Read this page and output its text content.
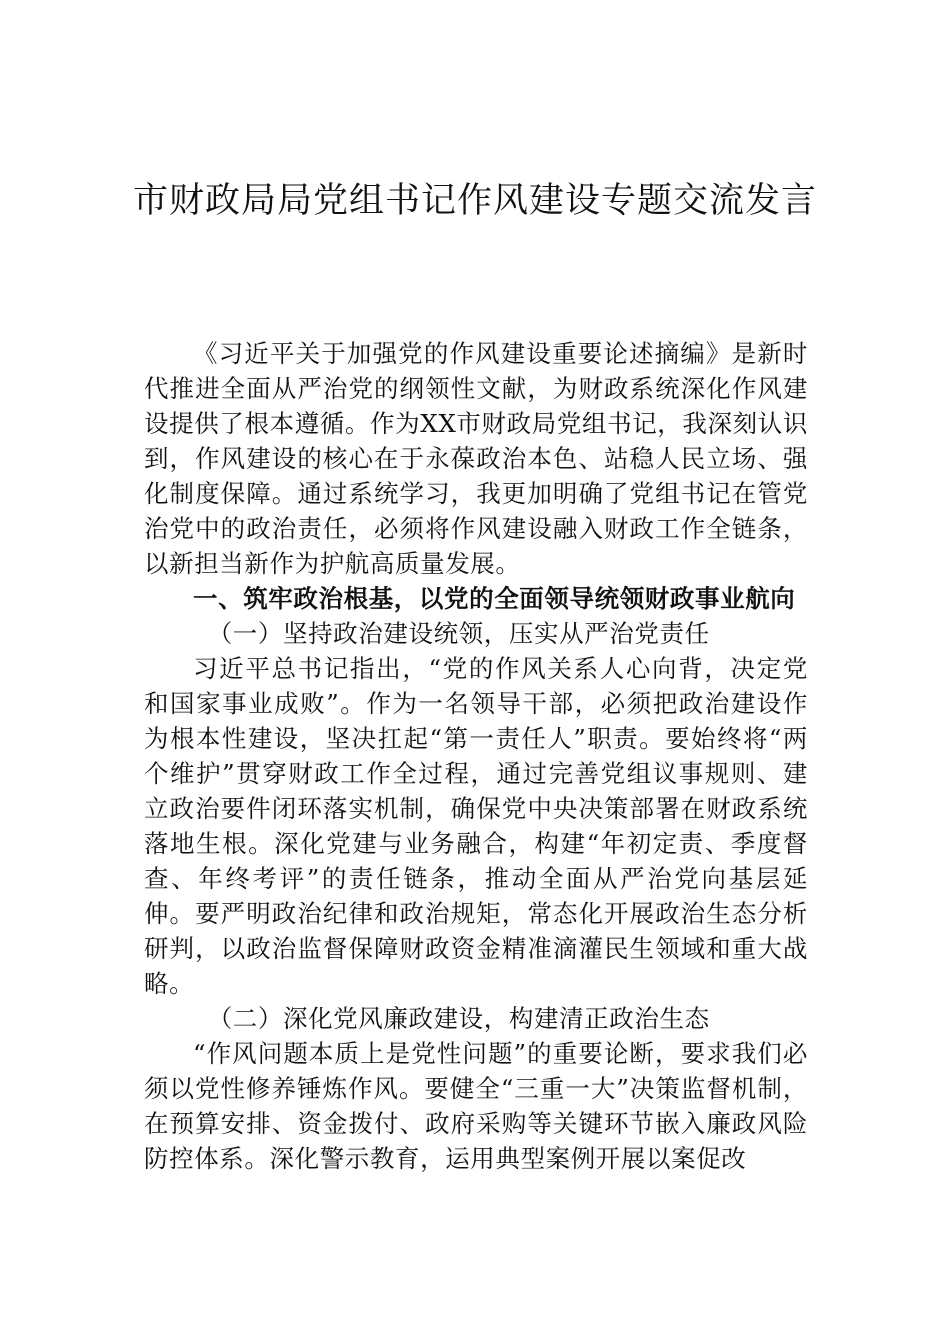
市财政局局党组书记作风建设专题交流发言

《习近平关于加强党的作风建设重要论述摘编》是新时代推进全面从严治党的纲领性文献，为财政系统深化作风建设提供了根本遵循。作为XX市财政局党组书记，我深刻认识到，作风建设的核心在于永葆政治本色、站稳人民立场、强化制度保障。通过系统学习，我更加明确了党组书记在管党治党中的政治责任，必须将作风建设融入财政工作全链条，以新担当新作为护航高质量发展。

一、筑牢政治根基，以党的全面领导统领财政事业航向

（一）坚持政治建设统领，压实从严治党责任

习近平总书记指出，“党的作风关系人心向背，决定党和国家事业成败”。作为一名领导干部，必须把政治建设作为根本性建设，坚决扛起“第一责任人”职责。要始终将“两个维护”贯穿财政工作全过程，通过完善党组议事规则、建立政治要件闭环落实机制，确保党中央决策部署在财政系统落地生根。深化党建与业务融合，构建“年初定责、季度督查、年终考评”的责任链条，推动全面从严治党向基层延伸。要严明政治纪律和政治规矩，常态化开展政治生态分析研判，以政治监督保障财政资金精准滴灌民生领域和重大战略。

（二）深化党风廉政建设，构建清正政治生态

“作风问题本质上是党性问题”的重要论断，要求我们必须以党性修养锤炼作风。要健全“三重一大”决策监督机制，在预算安排、资金拨付、政府采购等关键环节嵌入廉政风险防控体系。深化警示教育，运用典型案例开展以案促改
